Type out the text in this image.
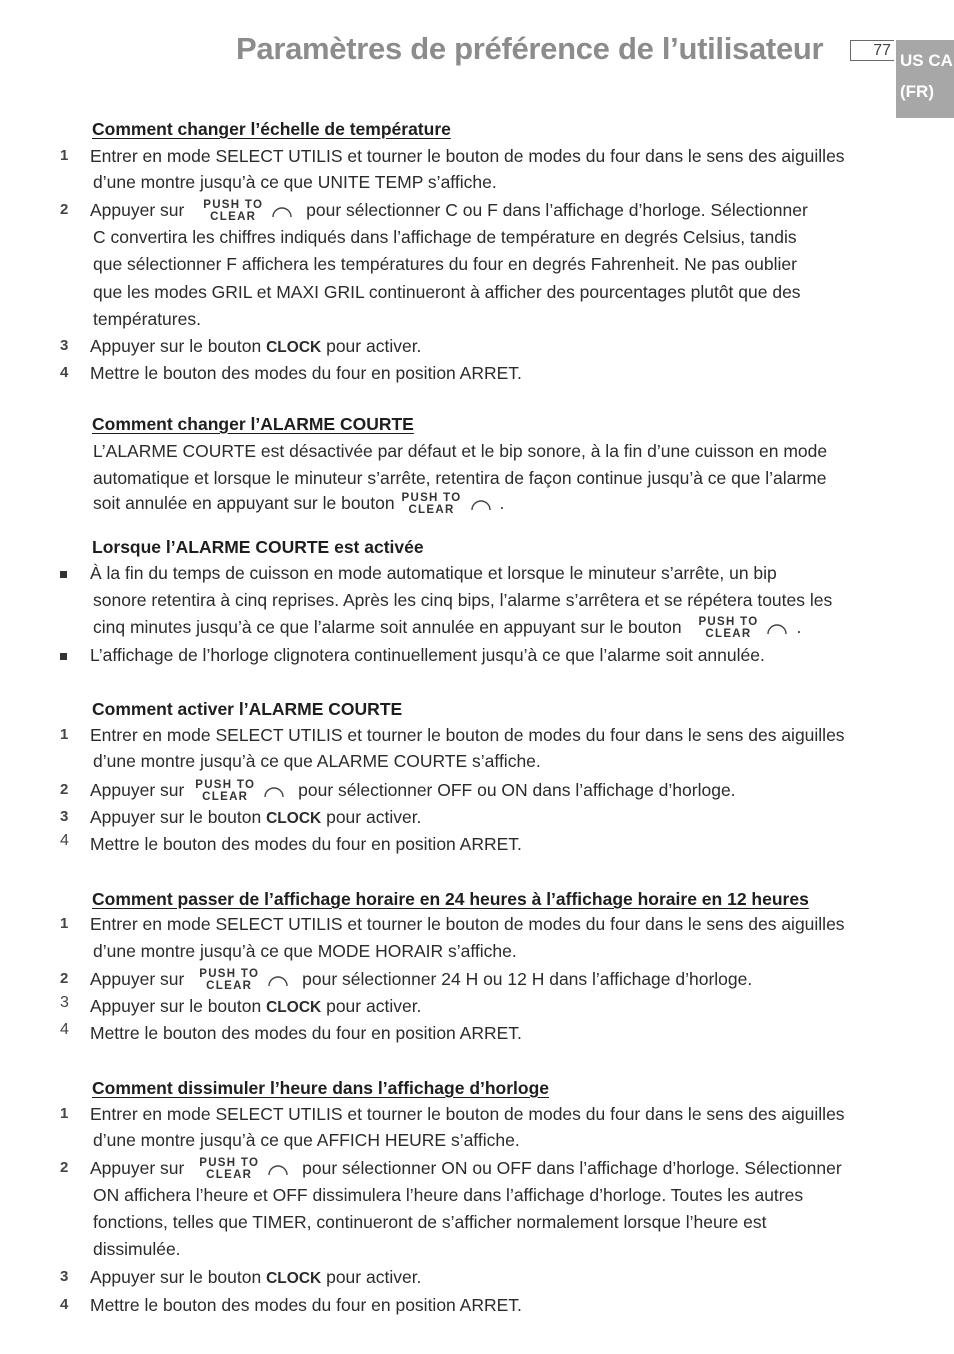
Paramètres de préférence de l’utilisateur	77
US CA
(FR)
Comment changer l’échelle de température
1 Entrer en mode SELECT UTILIS et tourner le bouton de modes du four dans le sens des aiguilles
d’une montre jusqu’à ce que UNITE TEMP s’affiche.
2 Appuyer sur PUSH TO
CLEAR	pour sélectionner C ou F dans l’affichage d’horloge. Sélectionner
C convertira les chiffres indiqués dans l’affichage de température en degrés Celsius, tandis
que sélectionner F affichera les températures du four en degrés Fahrenheit. Ne pas oublier
que les modes GRIL et MAXI GRIL continueront à afficher des pourcentages plutôt que des
températures.
3 Appuyer sur le bouton CLOCK pour activer.
4 Mettre le bouton des modes du four en position ARRET.
Comment changer l’ALARME COURTE
L’ALARME COURTE est désactivée par défaut et le bip sonore, à la fin d’une cuisson en mode
automatique et lorsque le minuteur s’arrête, retentira de façon continue jusqu’à ce que l’alarme
soit annulée en appuyant sur le bouton PUSH TO
CLEAR	.
Lorsque l’ALARME COURTE est activée
À la fin du temps de cuisson en mode automatique et lorsque le minuteur s’arrête, un bip
sonore retentira à cinq reprises. Après les cinq bips, l’alarme s’arrêtera et se répétera toutes les
cinq minutes jusqu’à ce que l’alarme soit annulée en appuyant sur le bouton PUSH TO
CLEAR	.
L’affichage de l’horloge clignotera continuellement jusqu’à ce que l’alarme soit annulée.
Comment activer l’ALARME COURTE
1 Entrer en mode SELECT UTILIS et tourner le bouton de modes du four dans le sens des aiguilles
d’une montre jusqu’à ce que ALARME COURTE s’affiche.
2 Appuyer sur PUSH TO
CLEAR	pour sélectionner OFF ou ON dans l’affichage d’horloge.
3 Appuyer sur le bouton CLOCK pour activer.
4 Mettre le bouton des modes du four en position ARRET.
Comment passer de l’affichage horaire en 24 heures à l’affichage horaire en 12 heures
1 Entrer en mode SELECT UTILIS et tourner le bouton de modes du four dans le sens des aiguilles
d’une montre jusqu’à ce que MODE HORAIR s’affiche.
2 Appuyer sur PUSH TO
CLEAR	pour sélectionner 24 H ou 12 H dans l’affichage d’horloge.
3 Appuyer sur le bouton CLOCK pour activer.
4 Mettre le bouton des modes du four en position ARRET.
Comment dissimuler l’heure dans l’affichage d’horloge
1 Entrer en mode SELECT UTILIS et tourner le bouton de modes du four dans le sens des aiguilles
d’une montre jusqu’à ce que AFFICH HEURE s’affiche.
2 Appuyer sur PUSH TO
CLEAR	pour sélectionner ON ou OFF dans l’affichage d’horloge. Sélectionner
ON affichera l’heure et OFF dissimulera l’heure dans l’affichage d’horloge. Toutes les autres
fonctions, telles que TIMER, continueront de s’afficher normalement lorsque l’heure est
dissimulée.
3 Appuyer sur le bouton CLOCK pour activer.
4 Mettre le bouton des modes du four en position ARRET.
